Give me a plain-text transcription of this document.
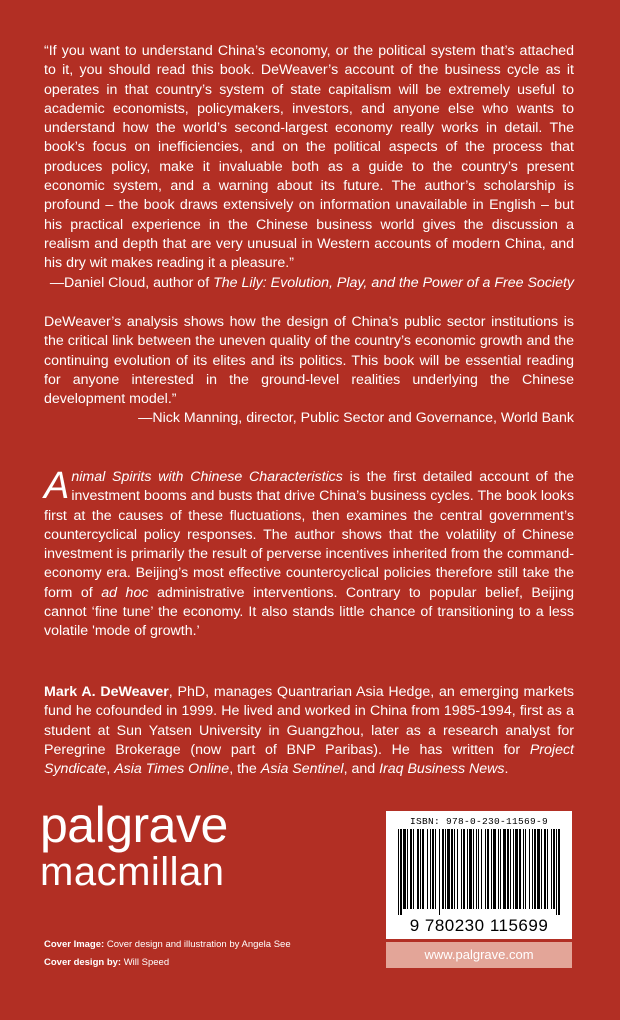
“If you want to understand China’s economy, or the political system that’s attached to it, you should read this book. DeWeaver’s account of the business cycle as it operates in that country’s system of state capitalism will be extremely useful to academic economists, policymakers, investors, and anyone else who wants to understand how the world’s second-largest economy really works in detail. The book’s focus on inefficiencies, and on the political aspects of the process that produces policy, make it invaluable both as a guide to the country’s present economic system, and a warning about its future. The author’s scholarship is profound – the book draws extensively on information unavailable in English – but his practical experience in the Chinese business world gives the discussion a realism and depth that are very unusual in Western accounts of modern China, and his dry wit makes reading it a pleasure.”
—Daniel Cloud, author of The Lily: Evolution, Play, and the Power of a Free Society
DeWeaver’s analysis shows how the design of China’s public sector institutions is the critical link between the uneven quality of the country’s economic growth and the continuing evolution of its elites and its politics. This book will be essential reading for anyone interested in the ground-level realities underlying the Chinese development model.”
—Nick Manning, director, Public Sector and Governance, World Bank
Animal Spirits with Chinese Characteristics is the first detailed account of the investment booms and busts that drive China’s business cycles. The book looks first at the causes of these fluctuations, then examines the central government’s countercyclical policy responses. The author shows that the volatility of Chinese investment is primarily the result of perverse incentives inherited from the command-economy era. Beijing’s most effective countercyclical policies therefore still take the form of ad hoc administrative interventions. Contrary to popular belief, Beijing cannot ‘fine tune’ the economy. It also stands little chance of transitioning to a less volatile 'mode of growth.’
Mark A. DeWeaver, PhD, manages Quantrarian Asia Hedge, an emerging markets fund he cofounded in 1999. He lived and worked in China from 1985-1994, first as a student at Sun Yatsen University in Guangzhou, later as a research analyst for Peregrine Brokerage (now part of BNP Paribas). He has written for Project Syndicate, Asia Times Online, the Asia Sentinel, and Iraq Business News.
palgrave
macmillan
ISBN: 978-0-230-11569-9
9 780230 115699
www.palgrave.com
Cover Image: Cover design and illustration by Angela See
Cover design by: Will Speed
